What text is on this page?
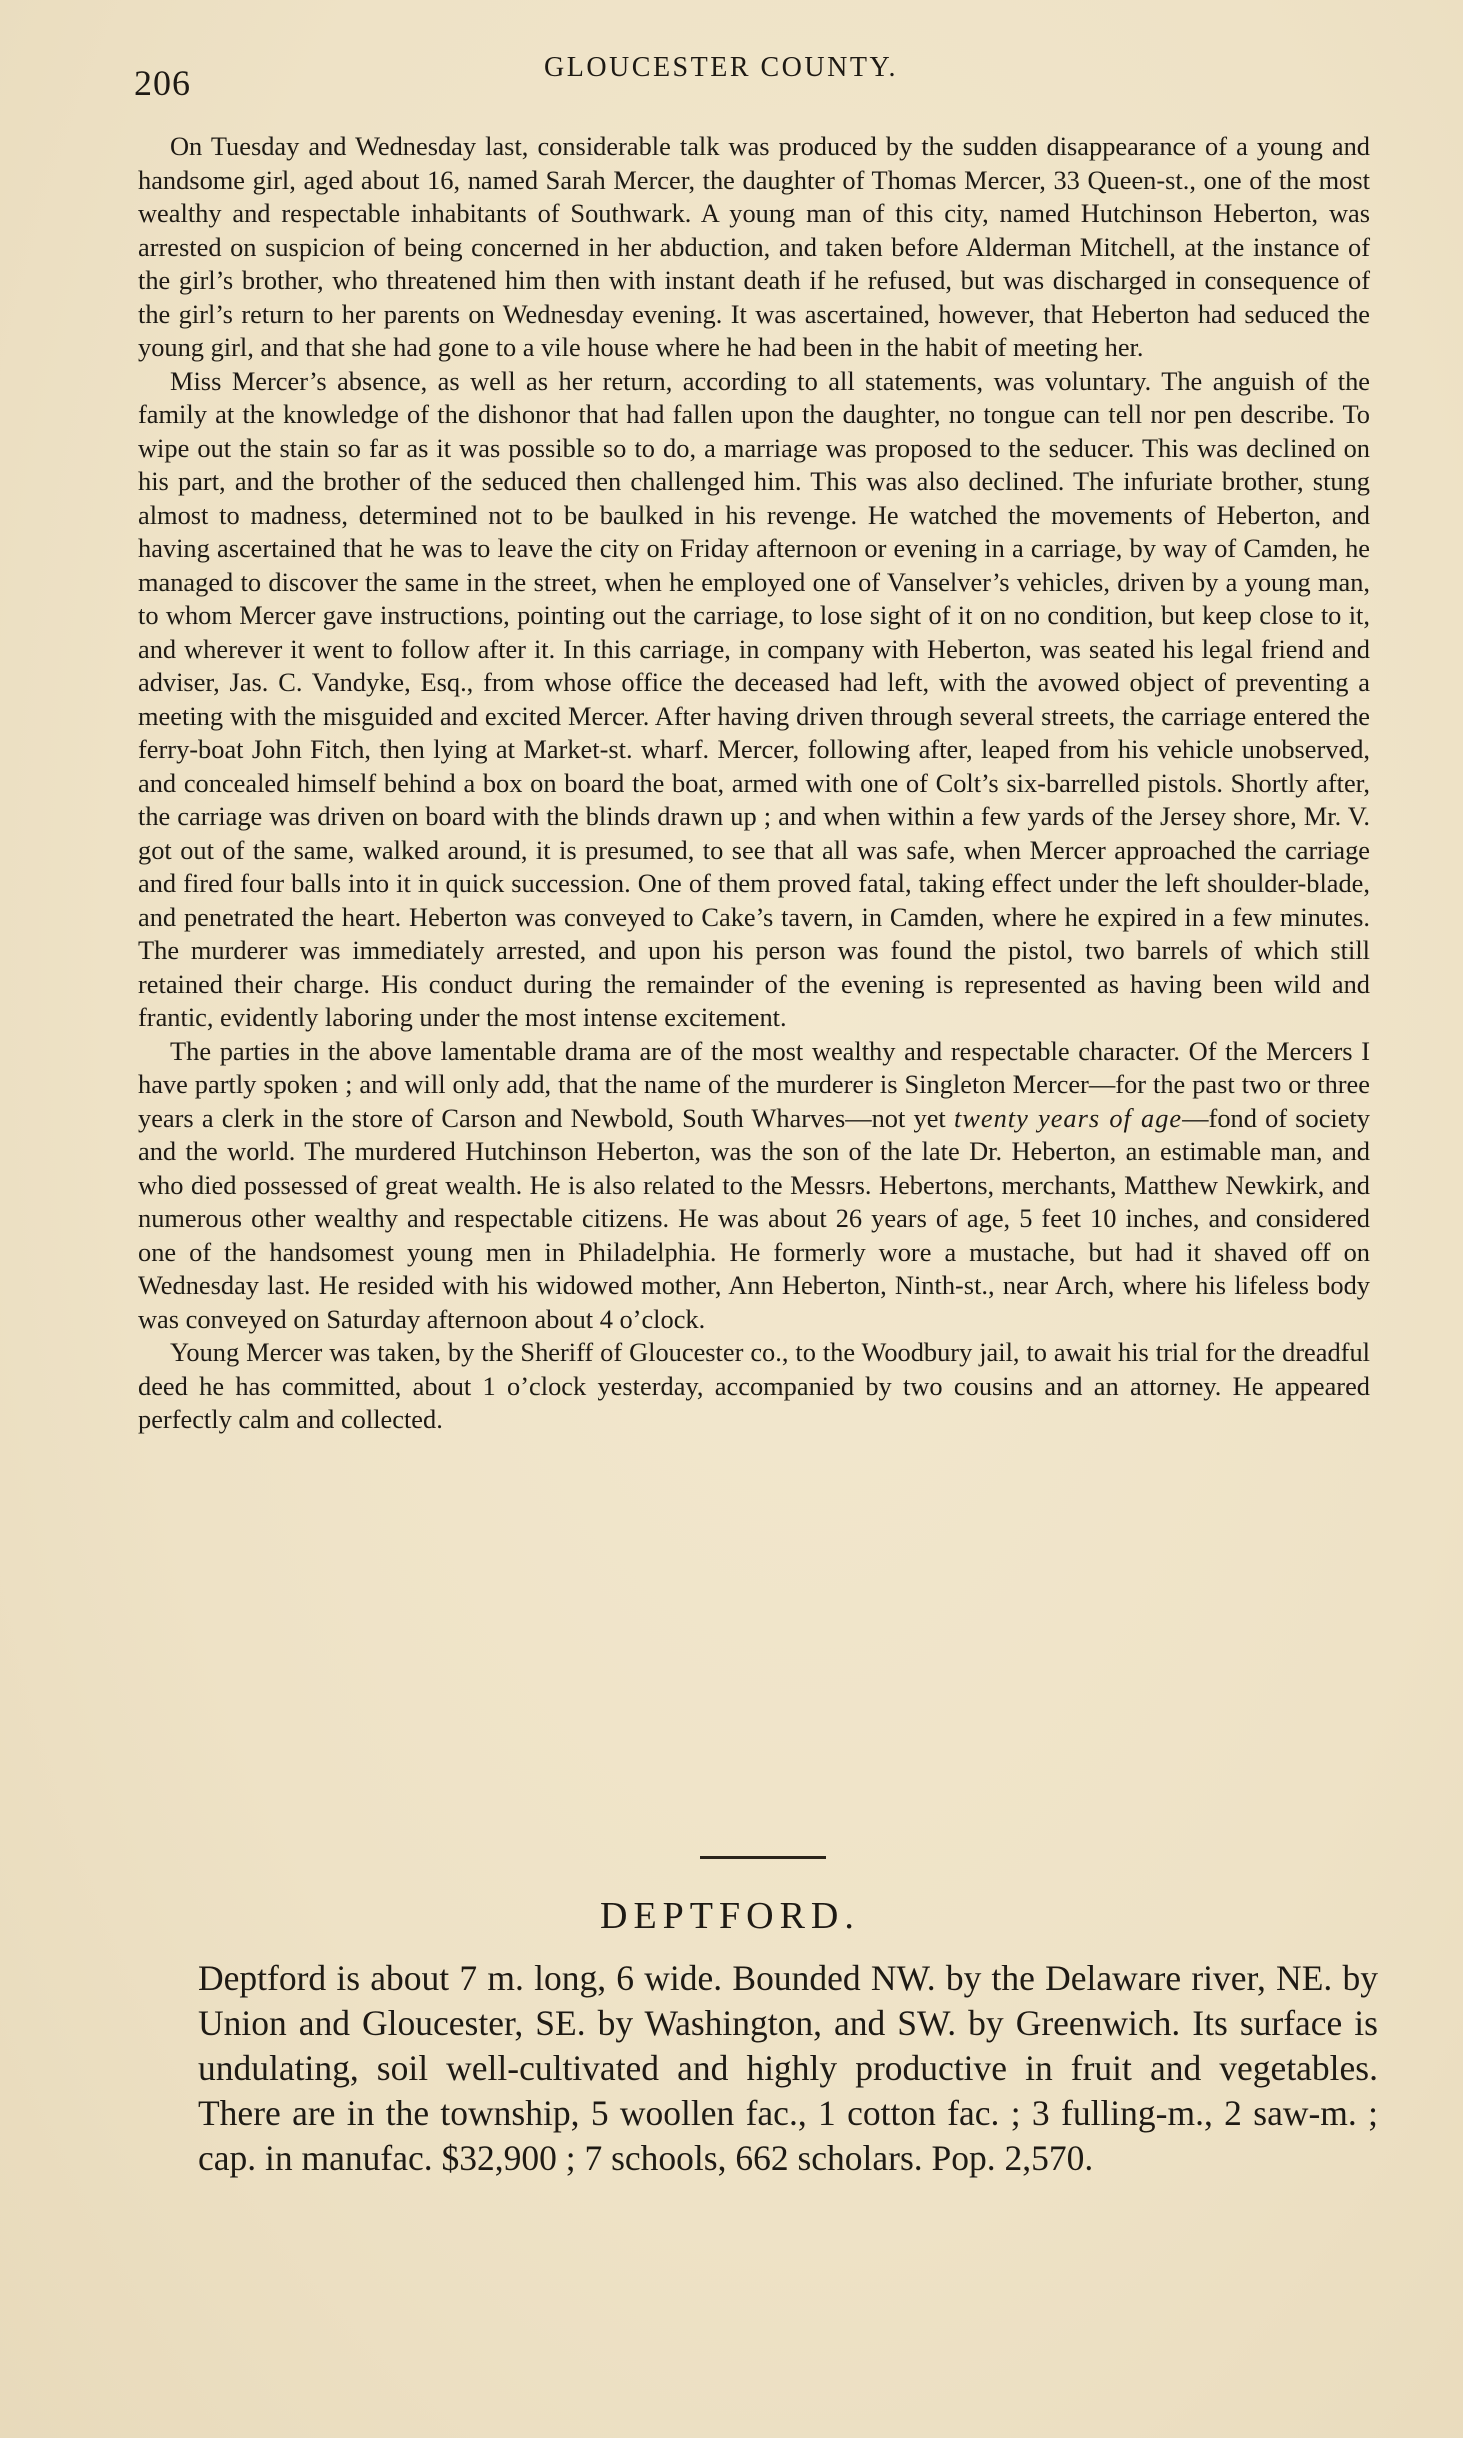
206	GLOUCESTER COUNTY.

On Tuesday and Wednesday last, considerable talk was produced by the sudden disappearance of a young and handsome girl, aged about 16, named Sarah Mercer, the daughter of Thomas Mercer, 33 Queen-st., one of the most wealthy and respectable inhabitants of Southwark. A young man of this city, named Hutchinson Heberton, was arrested on suspicion of being concerned in her abduction, and taken before Alderman Mitchell, at the instance of the girl’s brother, who threatened him then with instant death if he refused, but was discharged in consequence of the girl’s return to her parents on Wednesday evening. It was ascertained, however, that Heberton had seduced the young girl, and that she had gone to a vile house where he had been in the habit of meeting her.

Miss Mercer’s absence, as well as her return, according to all statements, was voluntary. The anguish of the family at the knowledge of the dishonor that had fallen upon the daughter, no tongue can tell nor pen describe. To wipe out the stain so far as it was possible so to do, a marriage was proposed to the seducer. This was declined on his part, and the brother of the seduced then challenged him. This was also declined. The infuriate brother, stung almost to madness, determined not to be baulked in his revenge. He watched the movements of Heberton, and having ascertained that he was to leave the city on Friday afternoon or evening in a carriage, by way of Camden, he managed to discover the same in the street, when he employed one of Vanselver’s vehicles, driven by a young man, to whom Mercer gave instructions, pointing out the carriage, to lose sight of it on no condition, but keep close to it, and wherever it went to follow after it. In this carriage, in company with Heberton, was seated his legal friend and adviser, Jas. C. Vandyke, Esq., from whose office the deceased had left, with the avowed object of preventing a meeting with the misguided and excited Mercer. After having driven through several streets, the carriage entered the ferry-boat John Fitch, then lying at Market-st. wharf. Mercer, following after, leaped from his vehicle unobserved, and concealed himself behind a box on board the boat, armed with one of Colt’s six-barrelled pistols. Shortly after, the carriage was driven on board with the blinds drawn up ; and when within a few yards of the Jersey shore, Mr. V. got out of the same, walked around, it is presumed, to see that all was safe, when Mercer approached the carriage and fired four balls into it in quick succession. One of them proved fatal, taking effect under the left shoulder-blade, and penetrated the heart. Heberton was conveyed to Cake’s tavern, in Camden, where he expired in a few minutes. The murderer was immediately arrested, and upon his person was found the pistol, two barrels of which still retained their charge. His conduct during the remainder of the evening is represented as having been wild and frantic, evidently laboring under the most intense excitement.

The parties in the above lamentable drama are of the most wealthy and respectable character. Of the Mercers I have partly spoken ; and will only add, that the name of the murderer is Singleton Mercer—for the past two or three years a clerk in the store of Carson and Newbold, South Wharves—not yet twenty years of age—fond of society and the world. The murdered Hutchinson Heberton, was the son of the late Dr. Heberton, an estimable man, and who died possessed of great wealth. He is also related to the Messrs. Hebertons, merchants, Matthew Newkirk, and numerous other wealthy and respectable citizens. He was about 26 years of age, 5 feet 10 inches, and considered one of the handsomest young men in Philadelphia. He formerly wore a mustache, but had it shaved off on Wednesday last. He resided with his widowed mother, Ann Heberton, Ninth-st., near Arch, where his lifeless body was conveyed on Saturday afternoon about 4 o’clock.

Young Mercer was taken, by the Sheriff of Gloucester co., to the Woodbury jail, to await his trial for the dreadful deed he has committed, about 1 o’clock yesterday, accompanied by two cousins and an attorney. He appeared perfectly calm and collected.

DEPTFORD.

Deptford is about 7 m. long, 6 wide. Bounded NW. by the Delaware river, NE. by Union and Gloucester, SE. by Washington, and SW. by Greenwich. Its surface is undulating, soil well-cultivated and highly productive in fruit and vegetables. There are in the township, 5 woollen fac., 1 cotton fac. ; 3 fulling-m., 2 saw-m. ; cap. in manufac. $32,900 ; 7 schools, 662 scholars. Pop. 2,570.
